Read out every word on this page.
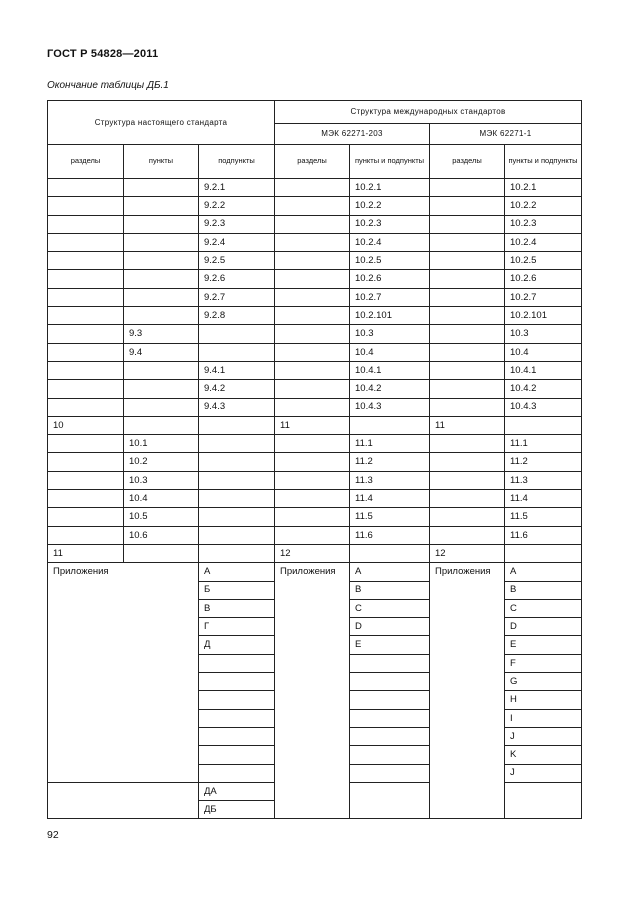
ГОСТ Р 54828—2011
Окончание таблицы ДБ.1
Структура настоящего стандарта			Структура международных стандартов			
			МЭК 62271-203		МЭК 62271-1	
разделы	пункты	подпункты	разделы	пункты и подпункты	разделы	пункты и подпункты
		9.2.1		10.2.1		10.2.1
		9.2.2		10.2.2		10.2.2
		9.2.3		10.2.3		10.2.3
		9.2.4		10.2.4		10.2.4
		9.2.5		10.2.5		10.2.5
		9.2.6		10.2.6		10.2.6
		9.2.7		10.2.7		10.2.7
		9.2.8		10.2.101		10.2.101
	9.3			10.3		10.3
	9.4			10.4		10.4
		9.4.1		10.4.1		10.4.1
		9.4.2		10.4.2		10.4.2
		9.4.3		10.4.3		10.4.3
10			11		11	
	10.1			11.1		11.1
	10.2			11.2		11.2
	10.3			11.3		11.3
	10.4			11.4		11.4
	10.5			11.5		11.5
	10.6			11.6		11.6
11			12		12	
Приложения		А	Приложения	A	Приложения	A
		Б		B		B
		В		C		C
		Г		D		D
		Д		E		E
						F
						G
						H
						I
						J
						K
						J
		ДА				
		ДБ				
92
